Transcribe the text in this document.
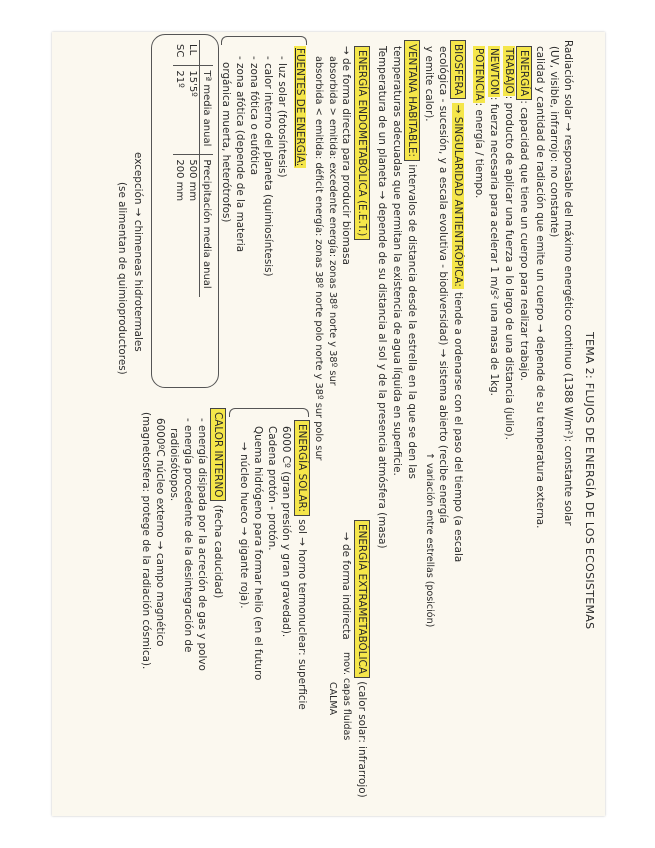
TEMA 2: FLUJOS DE ENERGÍA DE LOS ECOSISTEMAS
Radiación solar → responsable del máximo energético continuo (1388 W/m²): constante solar
(UV, visible, infrarrojo: no constante)
calidad y cantidad de radiación que emite un cuerpo → depende de su temperatura externa.
ENERGÍA: capacidad que tiene un cuerpo para realizar trabajo.
TRABAJO: producto de aplicar una fuerza a lo largo de una distancia (julio).
NEWTON: fuerza necesaria para acelerar 1 m/s² una masa de 1kg.
POTENCIA: energía / tiempo.
BIOSFERA → SINGULARIDAD ANTIENTRÓPICA: tiende a ordenarse con el paso del tiempo (a escala
ecológica - sucesión, y a escala evolutiva - biodiversidad) → sistema abierto (recibe energía
y emite calor).
↑ variación entre estrellas (posición)
VENTANA HABITABLE: intervalos de distancia desde la estrella en la que se den las
temperaturas adecuadas que permitan la existencia de agua líquida en superficie.
Temperatura de un planeta → depende de su distancia al sol y de la presencia atmósfera (masa)
ENERGÍA ENDOMETABÓLICA (E.E.T.)
→ de forma directa para producir biomasa
absorbida > emitida: excedente energía: zonas 38º norte y 38º sur
absorbida < emitida: déficit energía: zonas 38º norte polo norte y 38º sur polo sur
ENERGÍA EXTRAMETABÓLICA (calor solar: infrarrojo)
→ de forma indirecta
mov. capas fluidas
CALMA
FUENTES DE ENERGÍA:
- luz solar (fotosíntesis)
- calor interno del planeta (quimiosíntesis)
- zona fótica o eufótica
- zona afótica (depende de la materia
orgánica muerta, heterótrofos)
ENERGÍA SOLAR: sol → horno termonuclear: superficie
6000 Cº (gran presión y gran gravedad).
Cadena protón - protón.
Quema hidrógeno para formar helio (en el futuro
→ núcleo hueco → gigante roja).
CALOR INTERNO (fecha caducidad)
- energía disipada por la acreción de gas y polvo
- energía procedente de la desintegración de
radioisótopos.
6000ºC núcleo externo → campo magnético
(magnetosfera: protege de la radiación cósmica).
	Tª media anual	Precipitación media anual
LL	15'5º	500 mm
SC	21º	200 mm
excepción → chimeneas hidrotermales
(se alimentan de quimioproductores)
